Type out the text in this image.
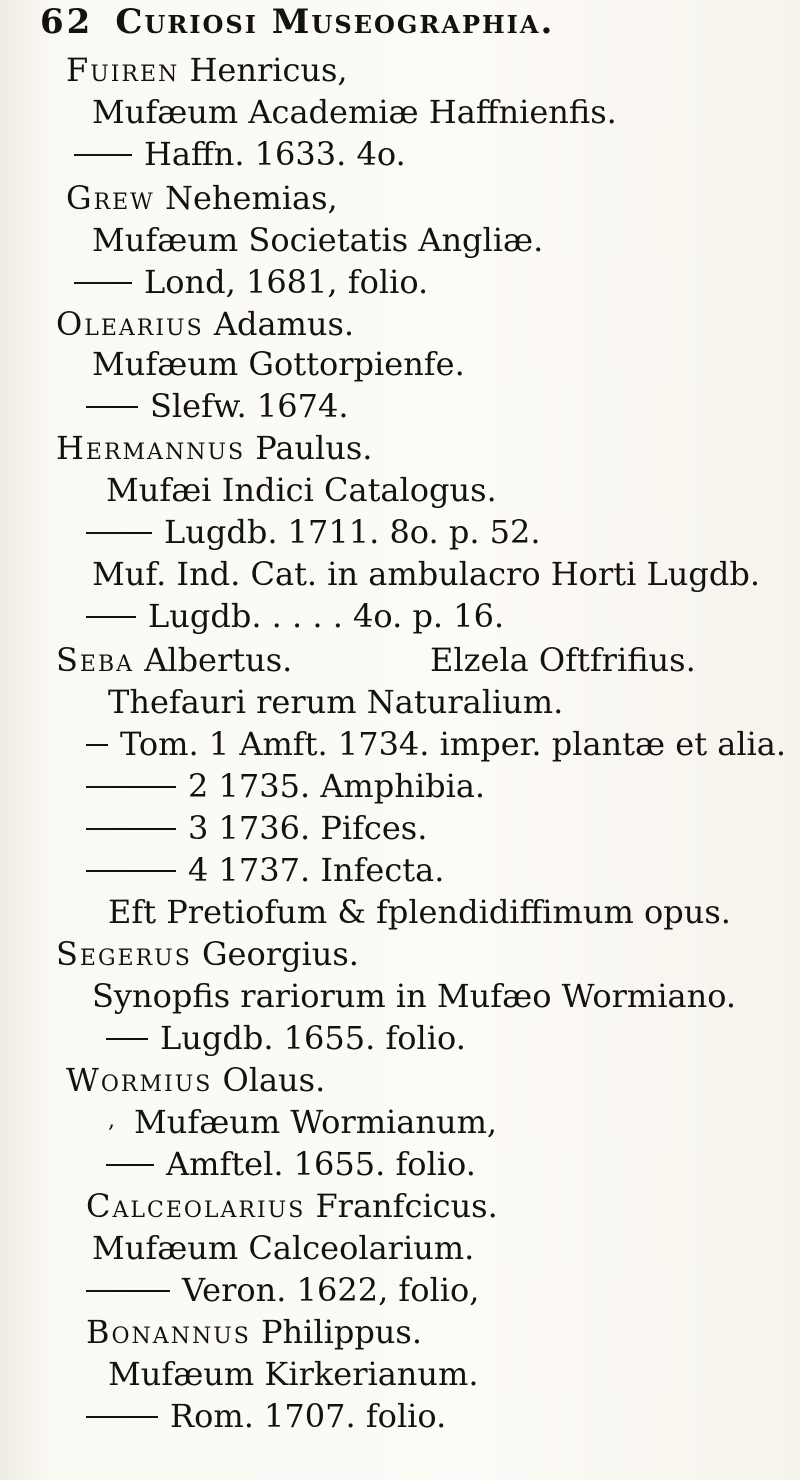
62 Curiosi Museographia.
Fuiren Henricus,
Mufæum Academiæ Haffnienfis.
Haffn. 1633. 4o.
Grew Nehemias,
Mufæum Societatis Angliæ.
Lond, 1681, folio.
Olearius Adamus.
Mufæum Gottorpienfe.
Slefw. 1674.
Hermannus Paulus.
Mufæi Indici Catalogus.
Lugdb. 1711. 8o. p. 52.
Muf. Ind. Cat. in ambulacro Horti Lugdb.
Lugdb. . . . . 4o. p. 16.
Seba Albertus.	Elzela Oftfrifius.
Thefauri rerum Naturalium.
Tom. 1 Amft. 1734. imper. plantæ et alia.
2 1735. Amphibia.
3 1736. Pifces.
4 1737. Infecta.
Eft Pretiofum & fplendidiffimum opus.
Segerus Georgius.
Synopfis rariorum in Mufæo Wormiano.
Lugdb. 1655. folio.
Wormius Olaus.
, Mufæum Wormianum,
Amftel. 1655. folio.
Calceolarius Franfcicus.
Mufæum Calceolarium.
Veron. 1622, folio,
Bonannus Philippus.
Mufæum Kirkerianum.
Rom. 1707. folio.
